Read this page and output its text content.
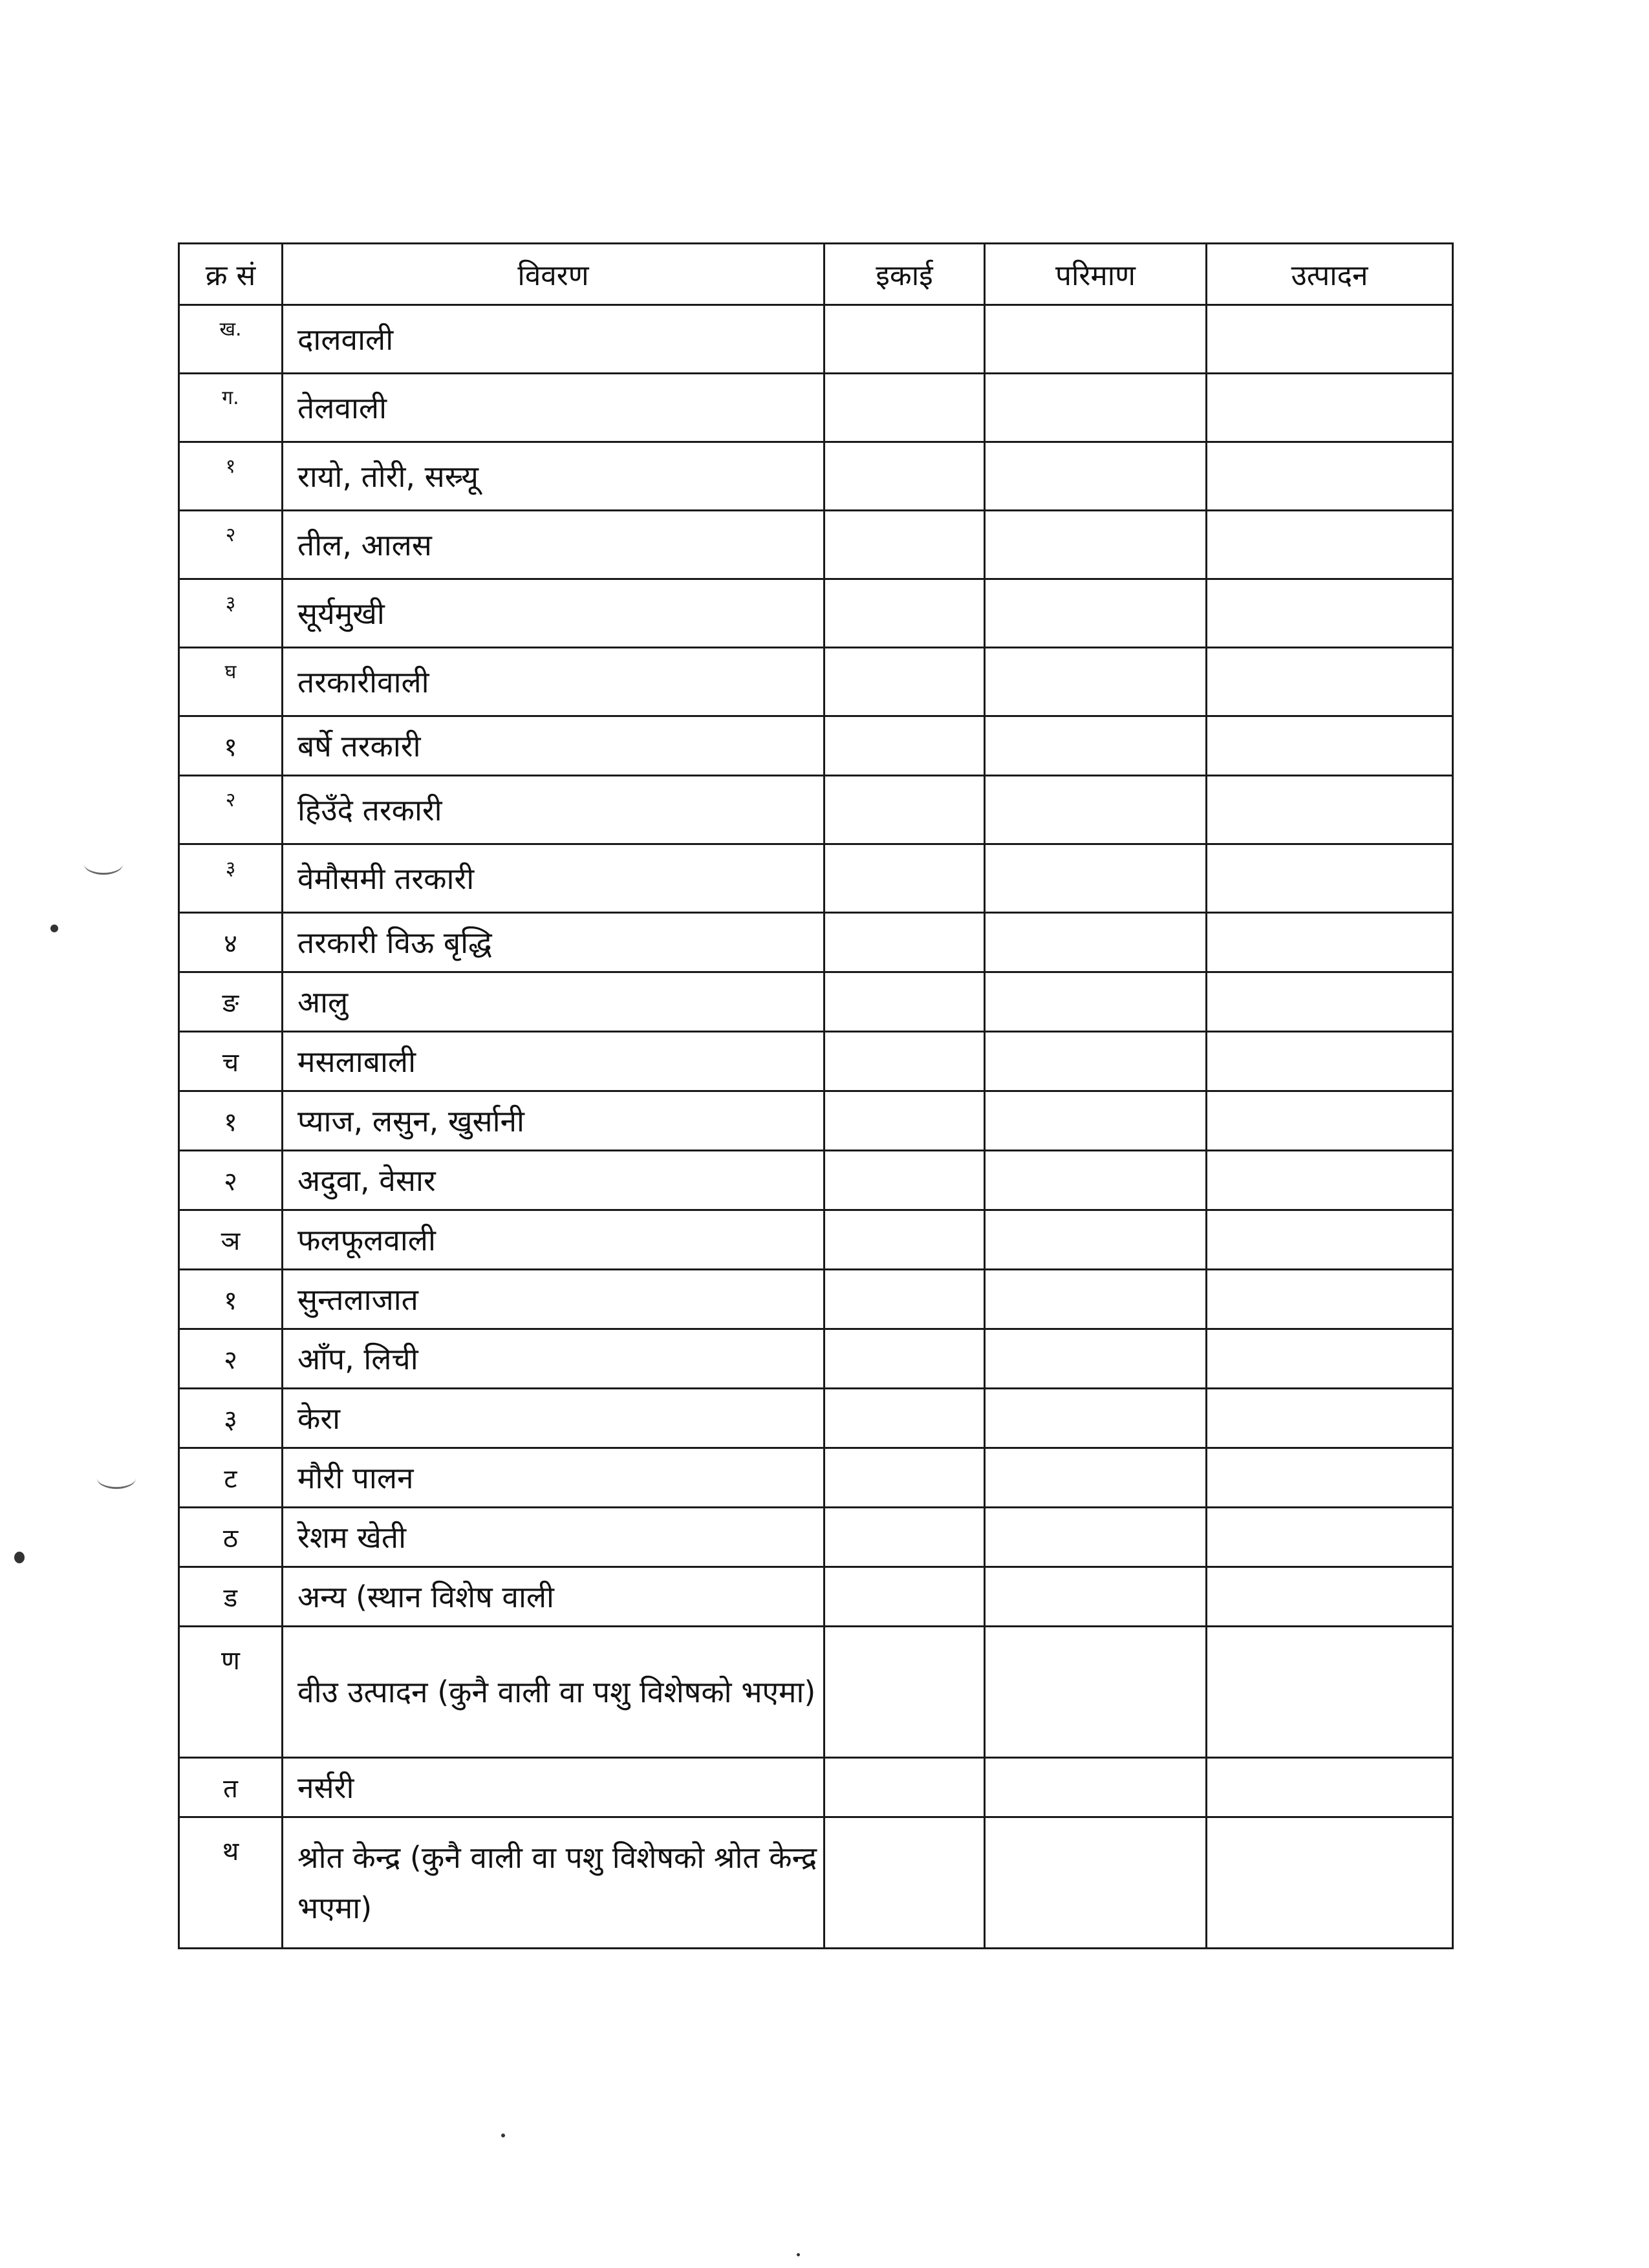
क्र सं	विवरण	इकाई	परिमाण	उत्पादन
ख.	दालवाली			
ग.	तेलवाली			
१	रायो, तोरी, सस्र्यू			
२	तील, आलस			
३	सूर्यमुखी			
घ	तरकारीवाली			
१	बर्षे तरकारी			
२	हिउँदे तरकारी			
३	वेमौसमी तरकारी			
४	तरकारी विऊ बृद्धि			
ङ	आलु			
च	मसलाबाली			
१	प्याज, लसुन, खुर्सानी			
२	अदुवा, वेसार			
ञ	फलफूलवाली			
१	सुन्तलाजात			
२	आँप, लिची			
३	केरा			
ट	मौरी पालन			
ठ	रेशम खेती			
ड	अन्य (स्थान विशेष वाली			
ण	वीउ उत्पादन (कुनै वाली वा पशु विशेषको भएमा)			
त	नर्सरी			
थ	श्रोत केन्द्र (कुनै वाली वा पशु विशेषको श्रोत केन्द्र भएमा)			
